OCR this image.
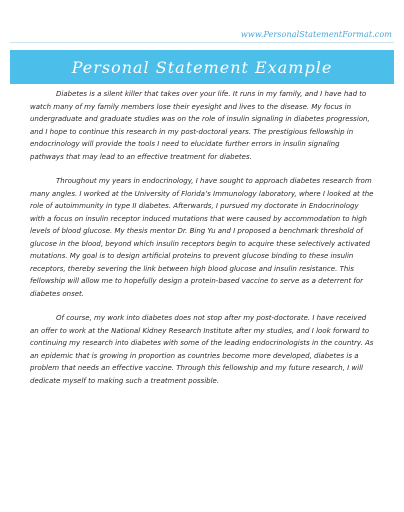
www.PersonalStatementFormat.com
Personal Statement Example

Diabetes is a silent killer that takes over your life. It runs in my family, and I have had to watch many of my family members lose their eyesight and lives to the disease. My focus in undergraduate and graduate studies was on the role of insulin signaling in diabetes progression, and I hope to continue this research in my post-doctoral years. The prestigious fellowship in endocrinology will provide the tools I need to elucidate further errors in insulin signaling pathways that may lead to an effective treatment for diabetes.

Throughout my years in endocrinology, I have sought to approach diabetes research from many angles. I worked at the University of Florida’s Immunology laboratory, where I looked at the role of autoimmunity in type II diabetes. Afterwards, I pursued my doctorate in Endocrinology with a focus on insulin receptor induced mutations that were caused by accommodation to high levels of blood glucose. My thesis mentor Dr. Bing Yu and I proposed a benchmark threshold of glucose in the blood, beyond which insulin receptors begin to acquire these selectively activated mutations. My goal is to design artificial proteins to prevent glucose binding to these insulin receptors, thereby severing the link between high blood glucose and insulin resistance. This fellowship will allow me to hopefully design a protein-based vaccine to serve as a deterrent for diabetes onset.

Of course, my work into diabetes does not stop after my post-doctorate. I have received an offer to work at the National Kidney Research Institute after my studies, and I look forward to continuing my research into diabetes with some of the leading endocrinologists in the country. As an epidemic that is growing in proportion as countries become more developed, diabetes is a problem that needs an effective vaccine. Through this fellowship and my future research, I will dedicate myself to making such a treatment possible.
